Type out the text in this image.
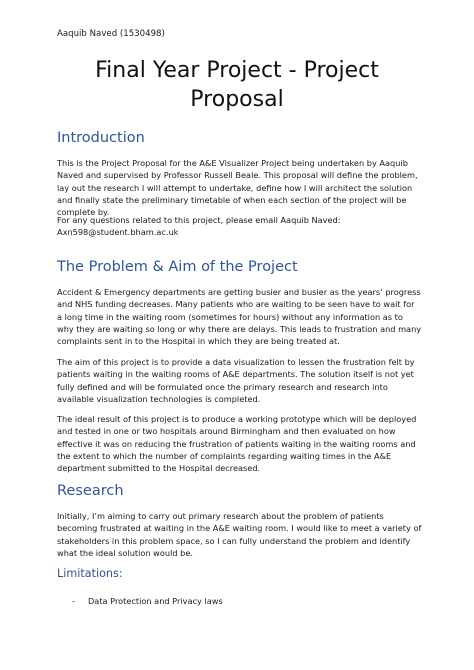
Aaquib Naved (1530498)
Final Year Project - Project Proposal
Introduction

This is the Project Proposal for the A&E Visualizer Project being undertaken by Aaquib Naved and supervised by Professor Russell Beale. This proposal will define the problem, lay out the research I will attempt to undertake, define how I will architect the solution and finally state the preliminary timetable of when each section of the project will be complete by.

For any questions related to this project, please email Aaquib Naved: Axn598@student.bham.ac.uk

The Problem & Aim of the Project

Accident & Emergency departments are getting busier and busier as the years’ progress and NHS funding decreases. Many patients who are waiting to be seen have to wait for a long time in the waiting room (sometimes for hours) without any information as to why they are waiting so long or why there are delays. This leads to frustration and many complaints sent in to the Hospital in which they are being treated at.

The aim of this project is to provide a data visualization to lessen the frustration felt by patients waiting in the waiting rooms of A&E departments. The solution itself is not yet fully defined and will be formulated once the primary research and research into available visualization technologies is completed.

The ideal result of this project is to produce a working prototype which will be deployed and tested in one or two hospitals around Birmingham and then evaluated on how effective it was on reducing the frustration of patients waiting in the waiting rooms and the extent to which the number of complaints regarding waiting times in the A&E department submitted to the Hospital decreased.

Research

Initially, I’m aiming to carry out primary research about the problem of patients becoming frustrated at waiting in the A&E waiting room. I would like to meet a variety of stakeholders in this problem space, so I can fully understand the problem and identify what the ideal solution would be.

Limitations:
- Data Protection and Privacy laws
